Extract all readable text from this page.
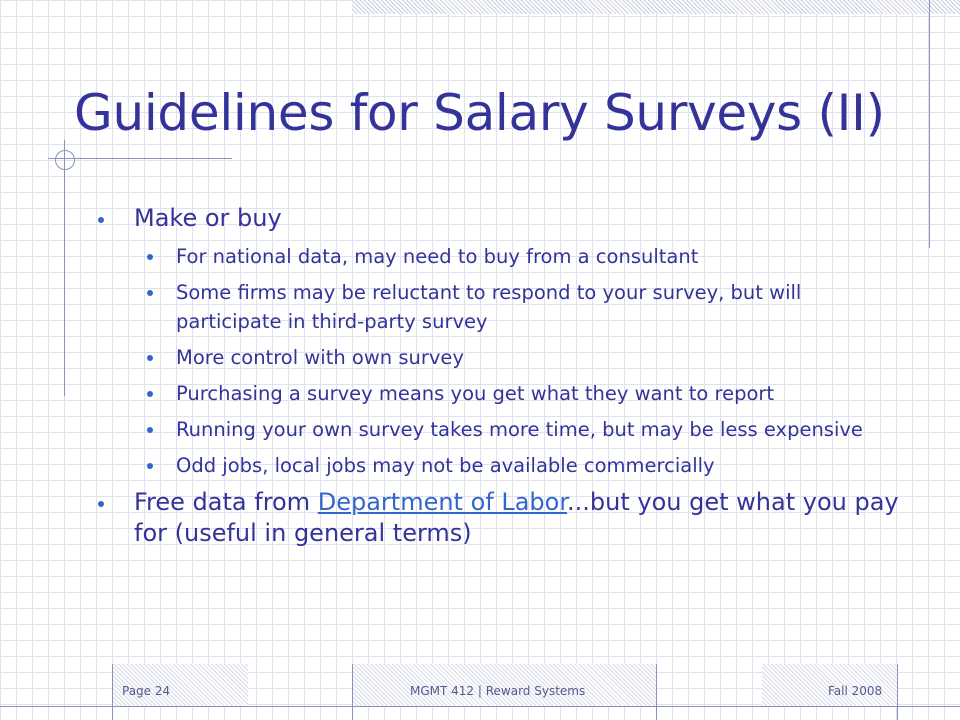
Guidelines for Salary Surveys (II)
Make or buy
For national data, may need to buy from a consultant
Some firms may be reluctant to respond to your survey, but will participate in third-party survey
More control with own survey
Purchasing a survey means you get what they want to report
Running your own survey takes more time, but may be less expensive
Odd jobs, local jobs may not be available commercially
Free data from Department of Labor...but you get what you pay for (useful in general terms)
Page 24	MGMT 412 | Reward Systems	Fall 2008
